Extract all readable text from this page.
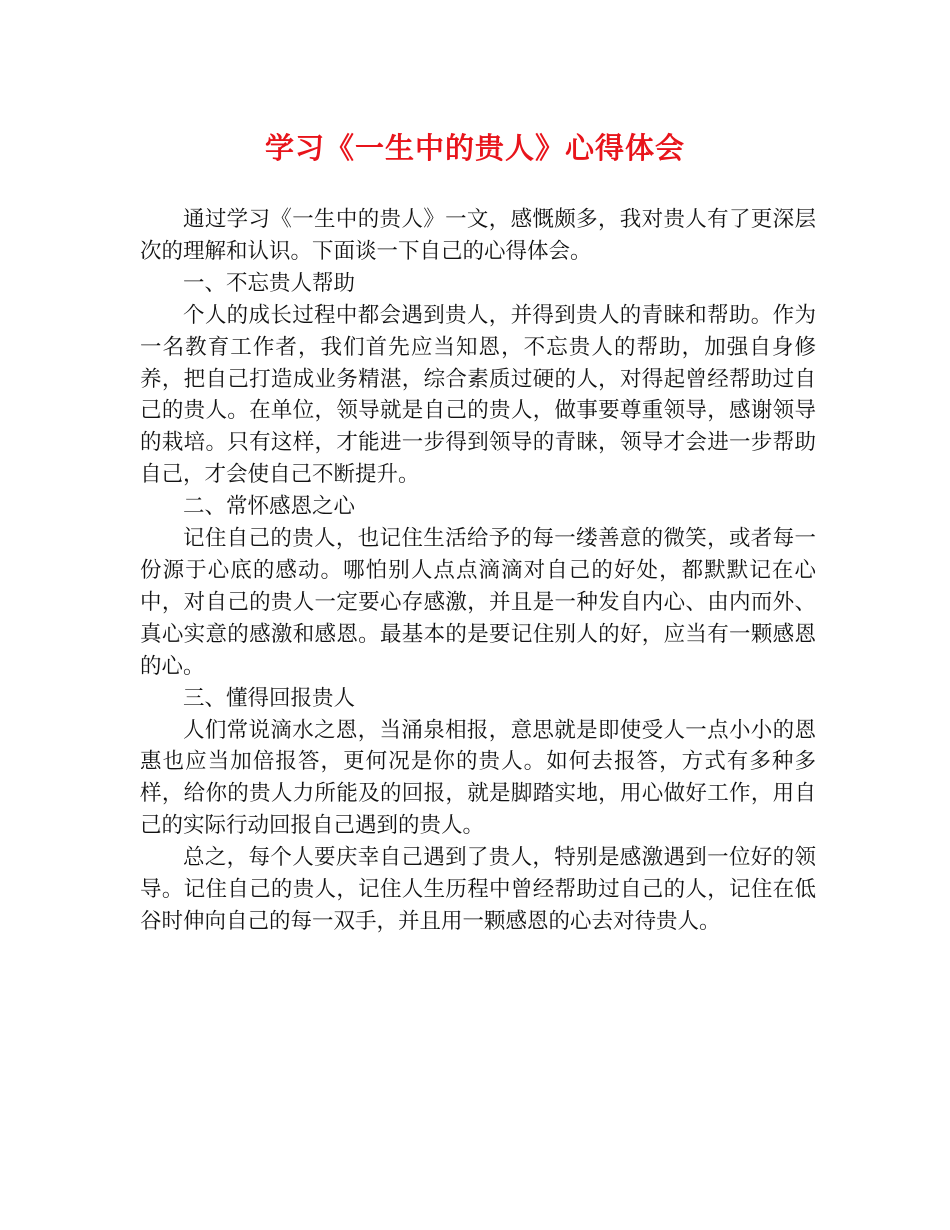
学习《一生中的贵人》心得体会

通过学习《一生中的贵人》一文，感慨颇多，我对贵人有了更深层次的理解和认识。下面谈一下自己的心得体会。

一、不忘贵人帮助

个人的成长过程中都会遇到贵人，并得到贵人的青睐和帮助。作为一名教育工作者，我们首先应当知恩，不忘贵人的帮助，加强自身修养，把自己打造成业务精湛，综合素质过硬的人，对得起曾经帮助过自己的贵人。在单位，领导就是自己的贵人，做事要尊重领导，感谢领导的栽培。只有这样，才能进一步得到领导的青睐，领导才会进一步帮助自己，才会使自己不断提升。

二、常怀感恩之心

记住自己的贵人，也记住生活给予的每一缕善意的微笑，或者每一份源于心底的感动。哪怕别人点点滴滴对自己的好处，都默默记在心中，对自己的贵人一定要心存感激，并且是一种发自内心、由内而外、真心实意的感激和感恩。最基本的是要记住别人的好，应当有一颗感恩的心。

三、懂得回报贵人

人们常说滴水之恩，当涌泉相报，意思就是即使受人一点小小的恩惠也应当加倍报答，更何况是你的贵人。如何去报答，方式有多种多样，给你的贵人力所能及的回报，就是脚踏实地，用心做好工作，用自己的实际行动回报自己遇到的贵人。

总之，每个人要庆幸自己遇到了贵人，特别是感激遇到一位好的领导。记住自己的贵人，记住人生历程中曾经帮助过自己的人，记住在低谷时伸向自己的每一双手，并且用一颗感恩的心去对待贵人。
